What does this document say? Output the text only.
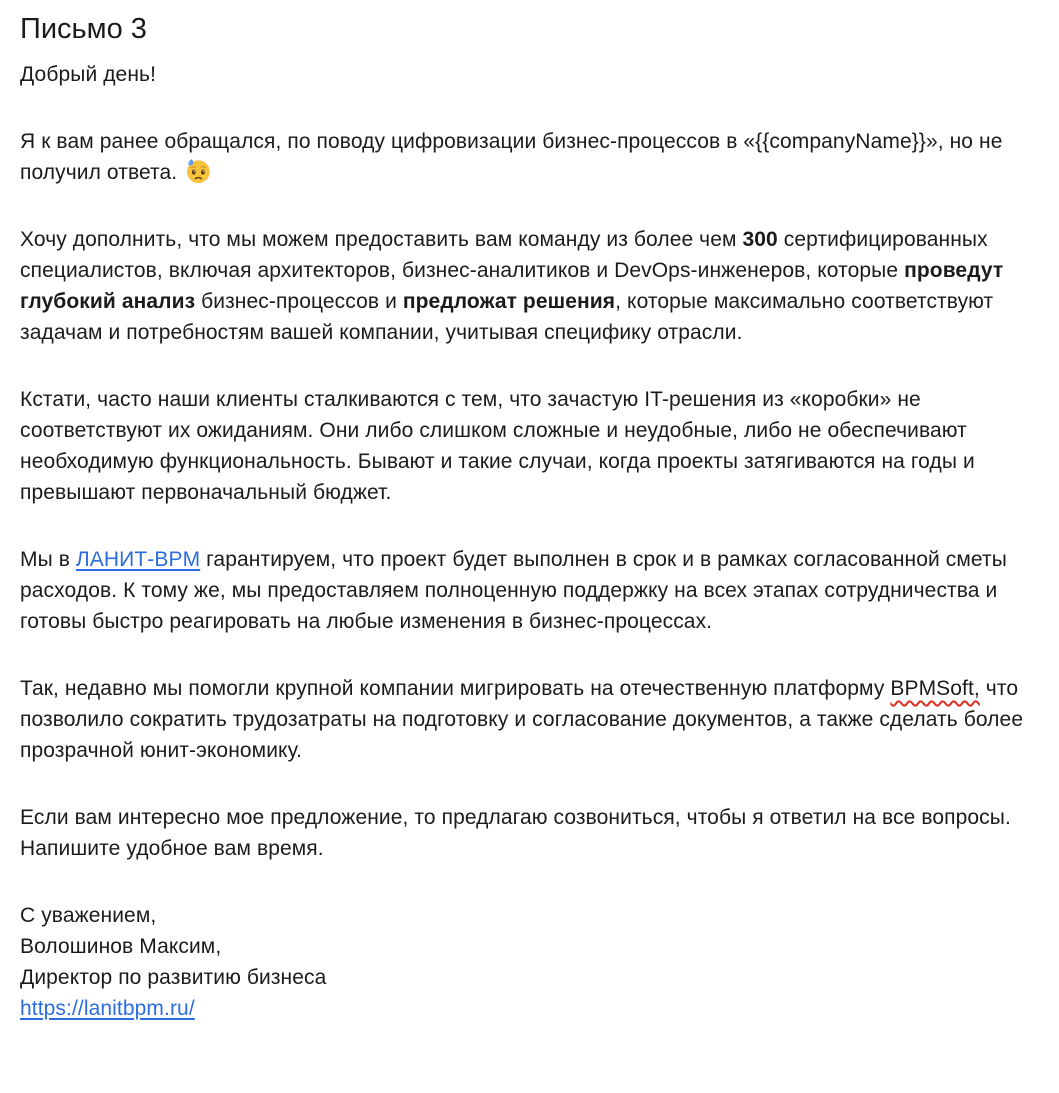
Письмо 3

Добрый день!

Я к вам ранее обращался, по поводу цифровизации бизнес-процессов в «{{companyName}}», но не получил ответа.

Хочу дополнить, что мы можем предоставить вам команду из более чем 300 сертифицированных специалистов, включая архитекторов, бизнес-аналитиков и DevOps-инженеров, которые проведут глубокий анализ бизнес-процессов и предложат решения, которые максимально соответствуют задачам и потребностям вашей компании, учитывая специфику отрасли.

Кстати, часто наши клиенты сталкиваются с тем, что зачастую IT-решения из «коробки» не соответствуют их ожиданиям. Они либо слишком сложные и неудобные, либо не обеспечивают необходимую функциональность. Бывают и такие случаи, когда проекты затягиваются на годы и превышают первоначальный бюджет.

Мы в ЛАНИТ-BPM гарантируем, что проект будет выполнен в срок и в рамках согласованной сметы расходов. К тому же, мы предоставляем полноценную поддержку на всех этапах сотрудничества и готовы быстро реагировать на любые изменения в бизнес-процессах.

Так, недавно мы помогли крупной компании мигрировать на отечественную платформу BPMSoft, что позволило сократить трудозатраты на подготовку и согласование документов, а также сделать более прозрачной юнит-экономику.

Если вам интересно мое предложение, то предлагаю созвониться, чтобы я ответил на все вопросы. Напишите удобное вам время.

С уважением,
Волошинов Максим,
Директор по развитию бизнеса
https://lanitbpm.ru/
